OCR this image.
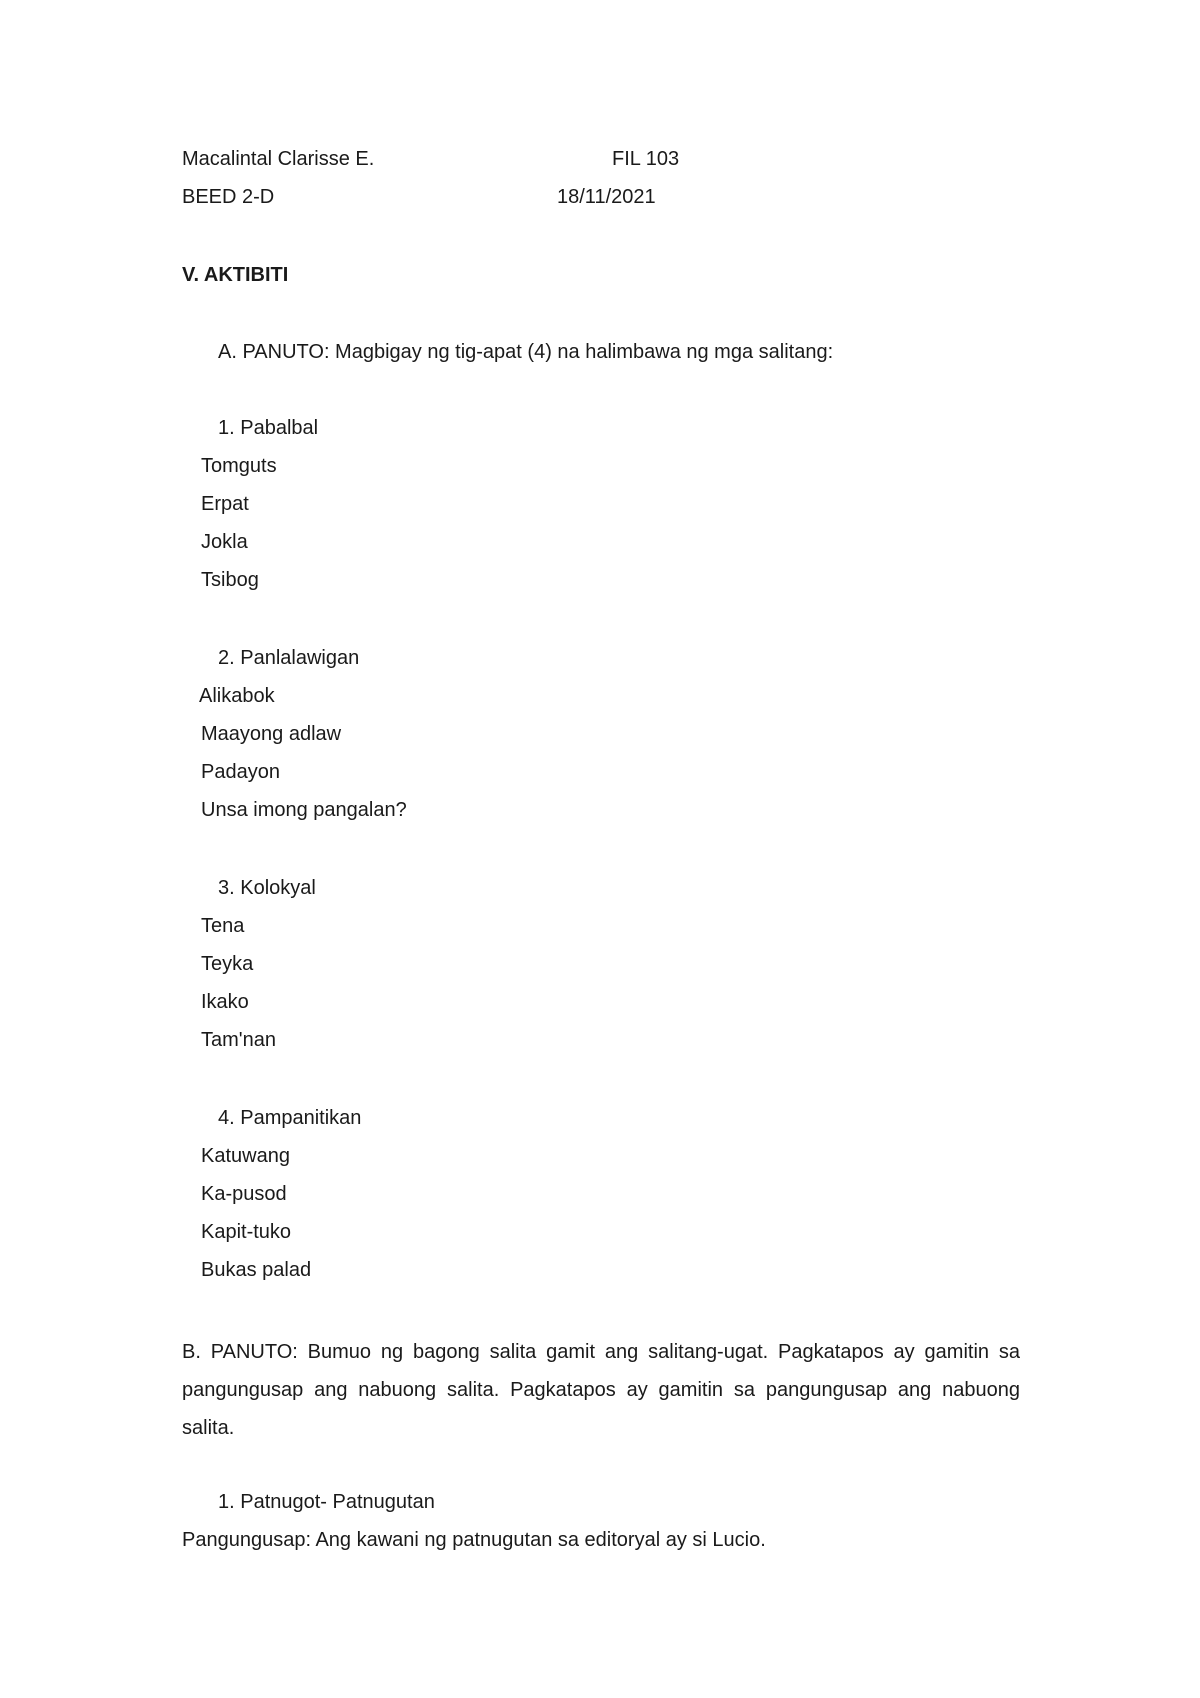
Macalintal Clarisse E.	FIL 103
BEED 2-D	18/11/2021
V. AKTIBITI
A. PANUTO: Magbigay ng tig-apat (4) na halimbawa ng mga salitang:
1. Pabalbal
Tomguts
Erpat
Jokla
Tsibog
2. Panlalawigan
Alikabok
Maayong adlaw
Padayon
Unsa imong pangalan?
3. Kolokyal
Tena
Teyka
Ikako
Tam'nan
4. Pampanitikan
Katuwang
Ka-pusod
Kapit-tuko
Bukas palad
B. PANUTO: Bumuo ng bagong salita gamit ang salitang-ugat. Pagkatapos ay gamitin sa pangungusap ang nabuong salita. Pagkatapos ay gamitin sa pangungusap ang nabuong salita.
1. Patnugot- Patnugutan
Pangungusap: Ang kawani ng patnugutan sa editoryal ay si Lucio.
